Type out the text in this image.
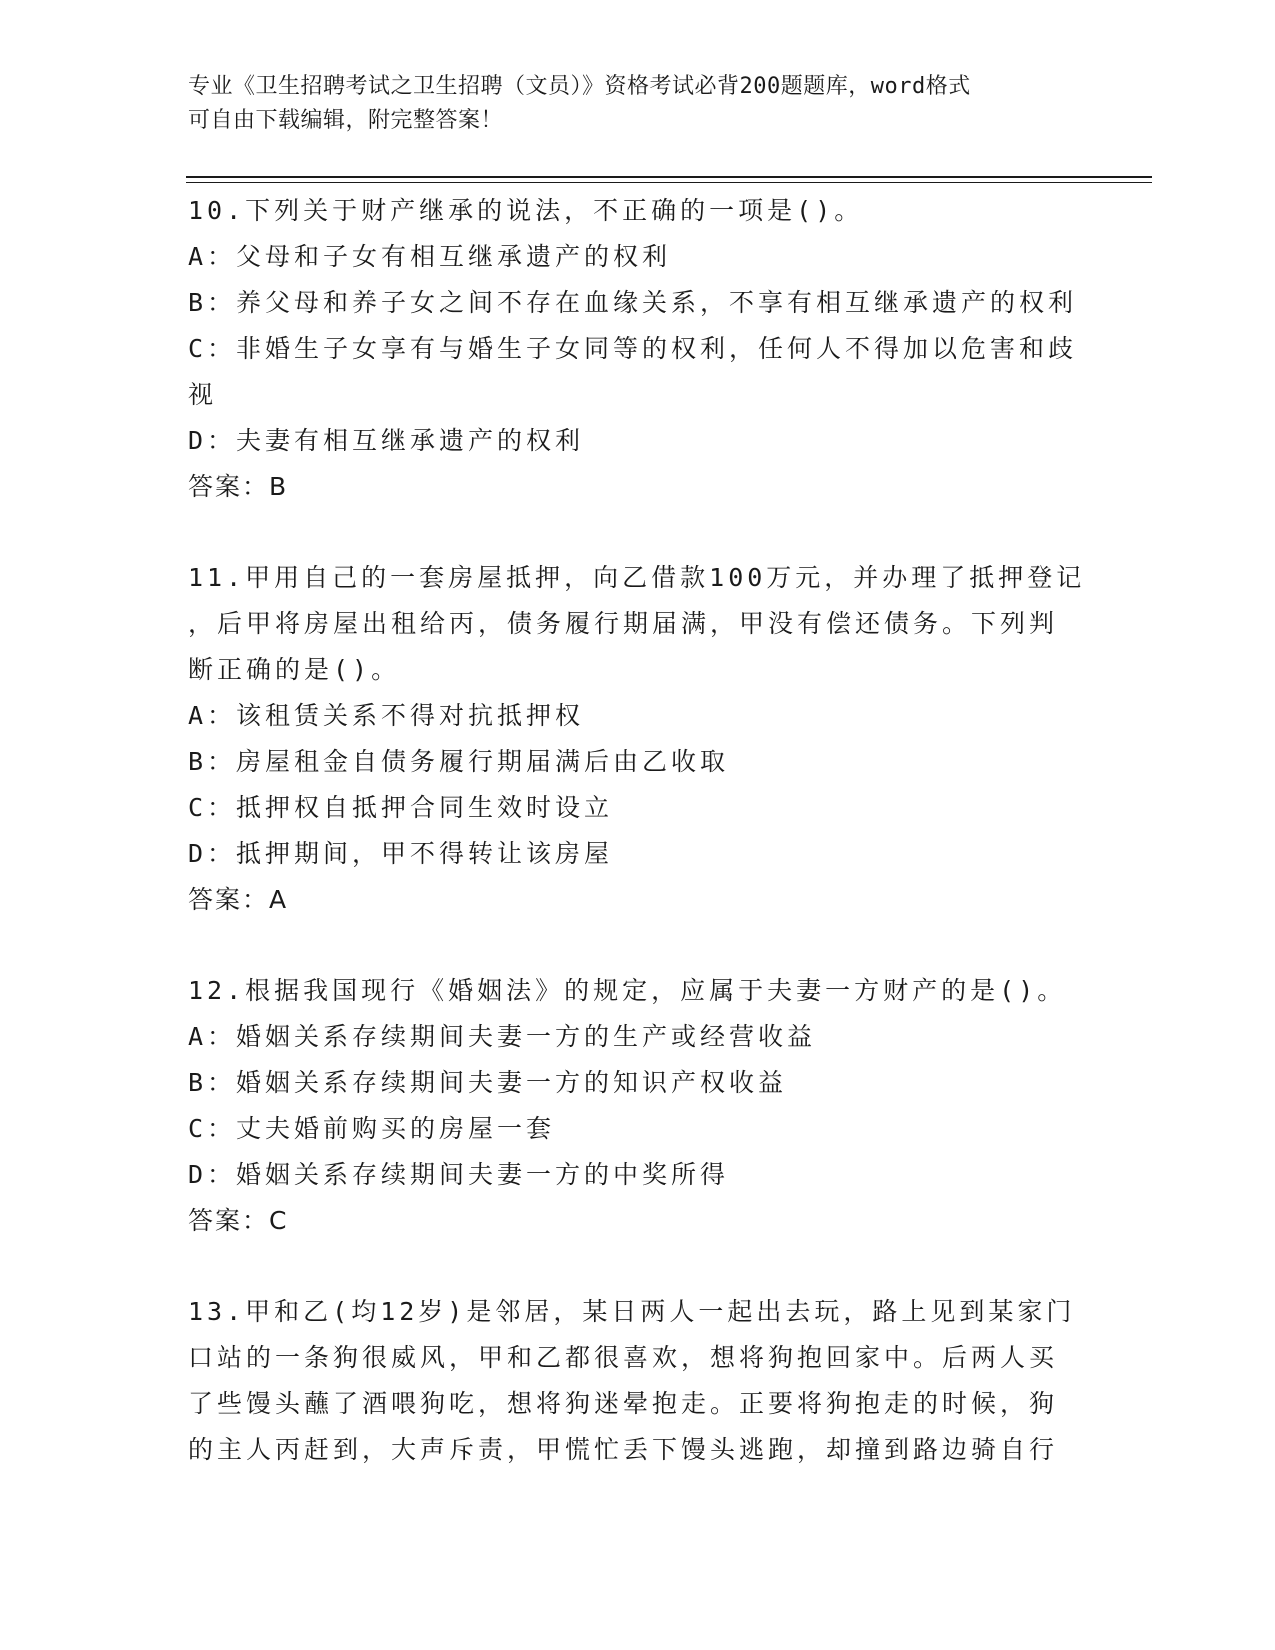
专业《卫生招聘考试之卫生招聘（文员）》资格考试必背200题题库，word格式
可自由下载编辑，附完整答案！
10.下列关于财产继承的说法，不正确的一项是()。
A：父母和子女有相互继承遗产的权利
B：养父母和养子女之间不存在血缘关系，不享有相互继承遗产的权利
C：非婚生子女享有与婚生子女同等的权利，任何人不得加以危害和歧
视
D：夫妻有相互继承遗产的权利
答案：B
11.甲用自己的一套房屋抵押，向乙借款100万元，并办理了抵押登记
，后甲将房屋出租给丙，债务履行期届满，甲没有偿还债务。下列判
断正确的是()。
A：该租赁关系不得对抗抵押权
B：房屋租金自债务履行期届满后由乙收取
C：抵押权自抵押合同生效时设立
D：抵押期间，甲不得转让该房屋
答案：A
12.根据我国现行《婚姻法》的规定，应属于夫妻一方财产的是()。
A：婚姻关系存续期间夫妻一方的生产或经营收益
B：婚姻关系存续期间夫妻一方的知识产权收益
C：丈夫婚前购买的房屋一套
D：婚姻关系存续期间夫妻一方的中奖所得
答案：C
13.甲和乙(均12岁)是邻居，某日两人一起出去玩，路上见到某家门
口站的一条狗很威风，甲和乙都很喜欢，想将狗抱回家中。后两人买
了些馒头蘸了酒喂狗吃，想将狗迷晕抱走。正要将狗抱走的时候，狗
的主人丙赶到，大声斥责，甲慌忙丢下馒头逃跑，却撞到路边骑自行
